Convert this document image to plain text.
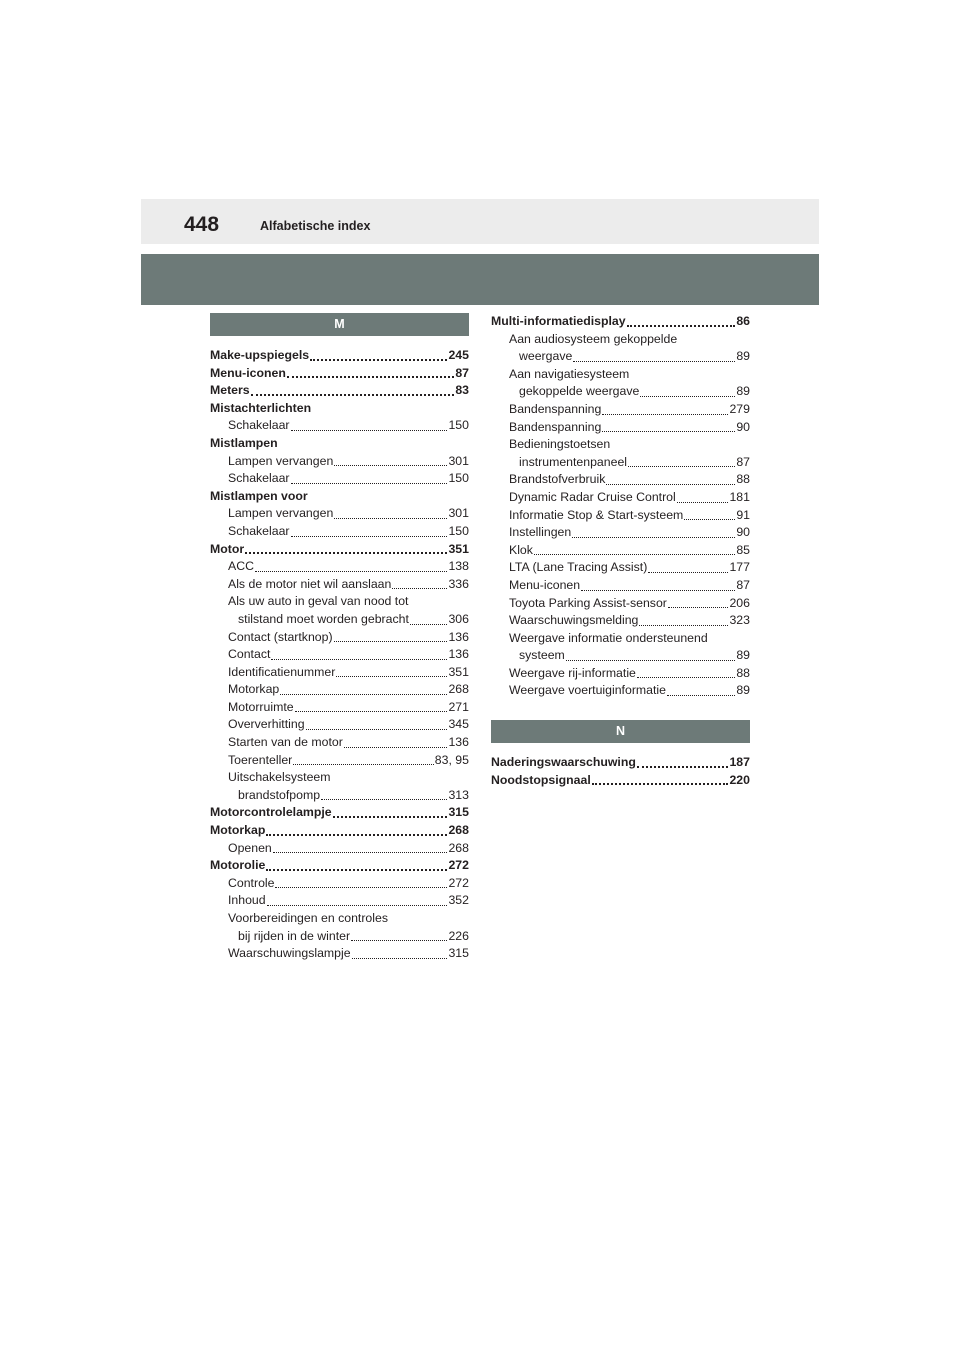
448	Alfabetische index
M
Make-upspiegels	245
Menu-iconen	87
Meters	83
Mistachterlichten
Schakelaar	150
Mistlampen
Lampen vervangen	301
Schakelaar	150
Mistlampen voor
Lampen vervangen	301
Schakelaar	150
Motor	351
ACC	138
Als de motor niet wil aanslaan	336
Als uw auto in geval van nood tot
stilstand moet worden gebracht	306
Contact (startknop)	136
Contact	136
Identificatienummer	351
Motorkap	268
Motorruimte	271
Oververhitting	345
Starten van de motor	136
Toerenteller	83, 95
Uitschakelsysteem
brandstofpomp	313
Motorcontrolelampje	315
Motorkap	268
Openen	268
Motorolie	272
Controle	272
Inhoud	352
Voorbereidingen en controles
bij rijden in de winter	226
Waarschuwingslampje	315
Multi-informatiedisplay	86
Aan audiosysteem gekoppelde
weergave	89
Aan navigatiesysteem
gekoppelde weergave	89
Bandenspanning	279
Bandenspanning	90
Bedieningstoetsen
instrumentenpaneel	87
Brandstofverbruik	88
Dynamic Radar Cruise Control	181
Informatie Stop & Start-systeem	91
Instellingen	90
Klok	85
LTA (Lane Tracing Assist)	177
Menu-iconen	87
Toyota Parking Assist-sensor	206
Waarschuwingsmelding	323
Weergave informatie ondersteunend
systeem	89
Weergave rij-informatie	88
Weergave voertuiginformatie	89
N
Naderingswaarschuwing	187
Noodstopsignaal	220
